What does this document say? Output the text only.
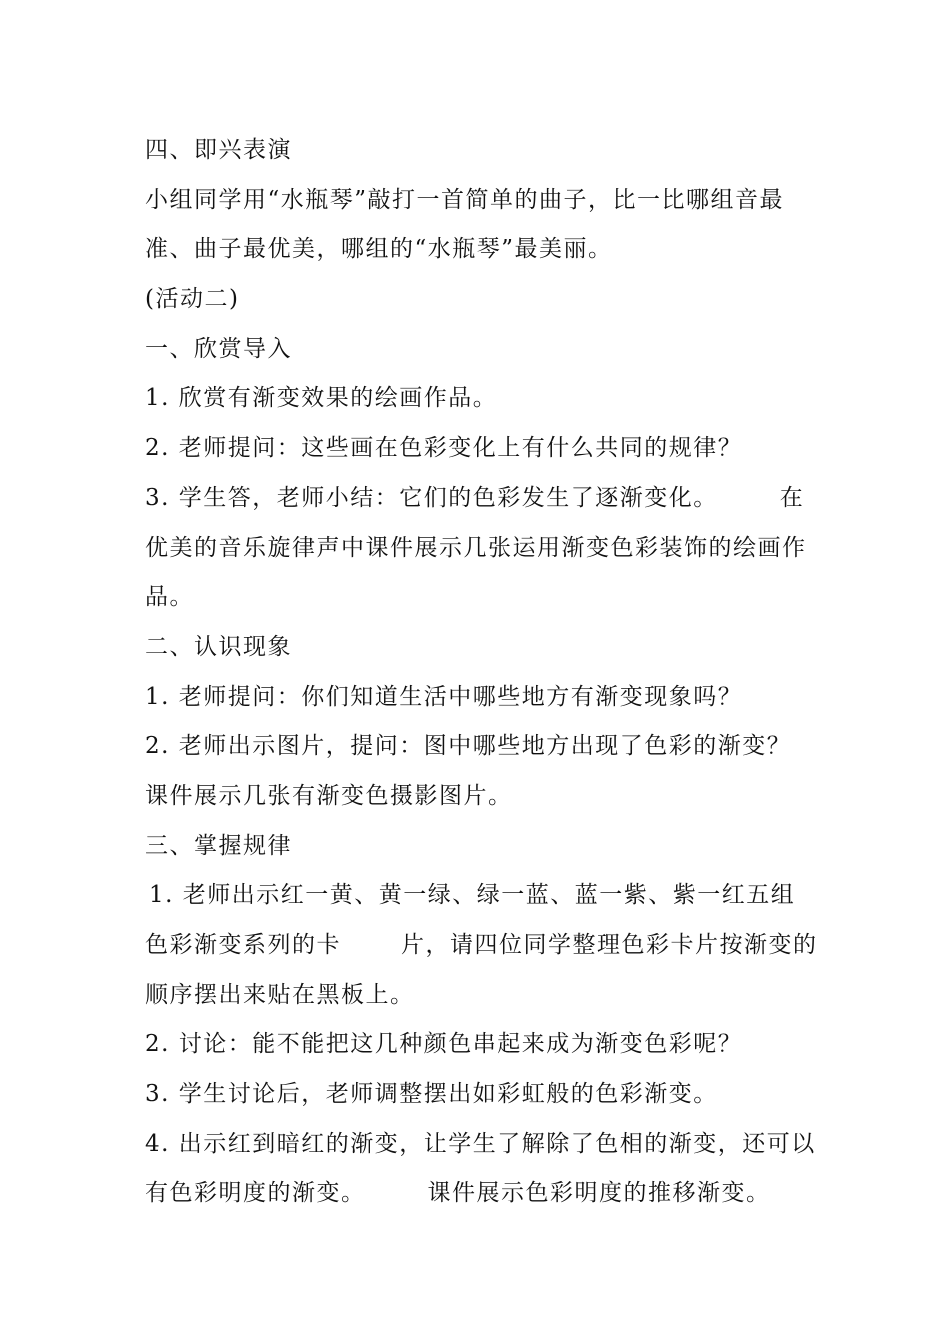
四、即兴表演
小组同学用“水瓶琴”敲打一首简单的曲子，比一比哪组音最
准、曲子最优美，哪组的“水瓶琴”最美丽。
(活动二)
一、欣赏导入
1. 欣赏有渐变效果的绘画作品。
2. 老师提问：这些画在色彩变化上有什么共同的规律？
3. 学生答，老师小结：它们的色彩发生了逐渐变化。	在
优美的音乐旋律声中课件展示几张运用渐变色彩装饰的绘画作
品。
二、认识现象
1. 老师提问：你们知道生活中哪些地方有渐变现象吗？
2. 老师出示图片，提问：图中哪些地方出现了色彩的渐变？
课件展示几张有渐变色摄影图片。
三、掌握规律
1. 老师出示红一黄、黄一绿、绿一蓝、蓝一紫、紫一红五组
色彩渐变系列的卡	片，请四位同学整理色彩卡片按渐变的
顺序摆出来贴在黑板上。
2. 讨论：能不能把这几种颜色串起来成为渐变色彩呢？
3. 学生讨论后，老师调整摆出如彩虹般的色彩渐变。
4. 出示红到暗红的渐变，让学生了解除了色相的渐变，还可以
有色彩明度的渐变。	课件展示色彩明度的推移渐变。
